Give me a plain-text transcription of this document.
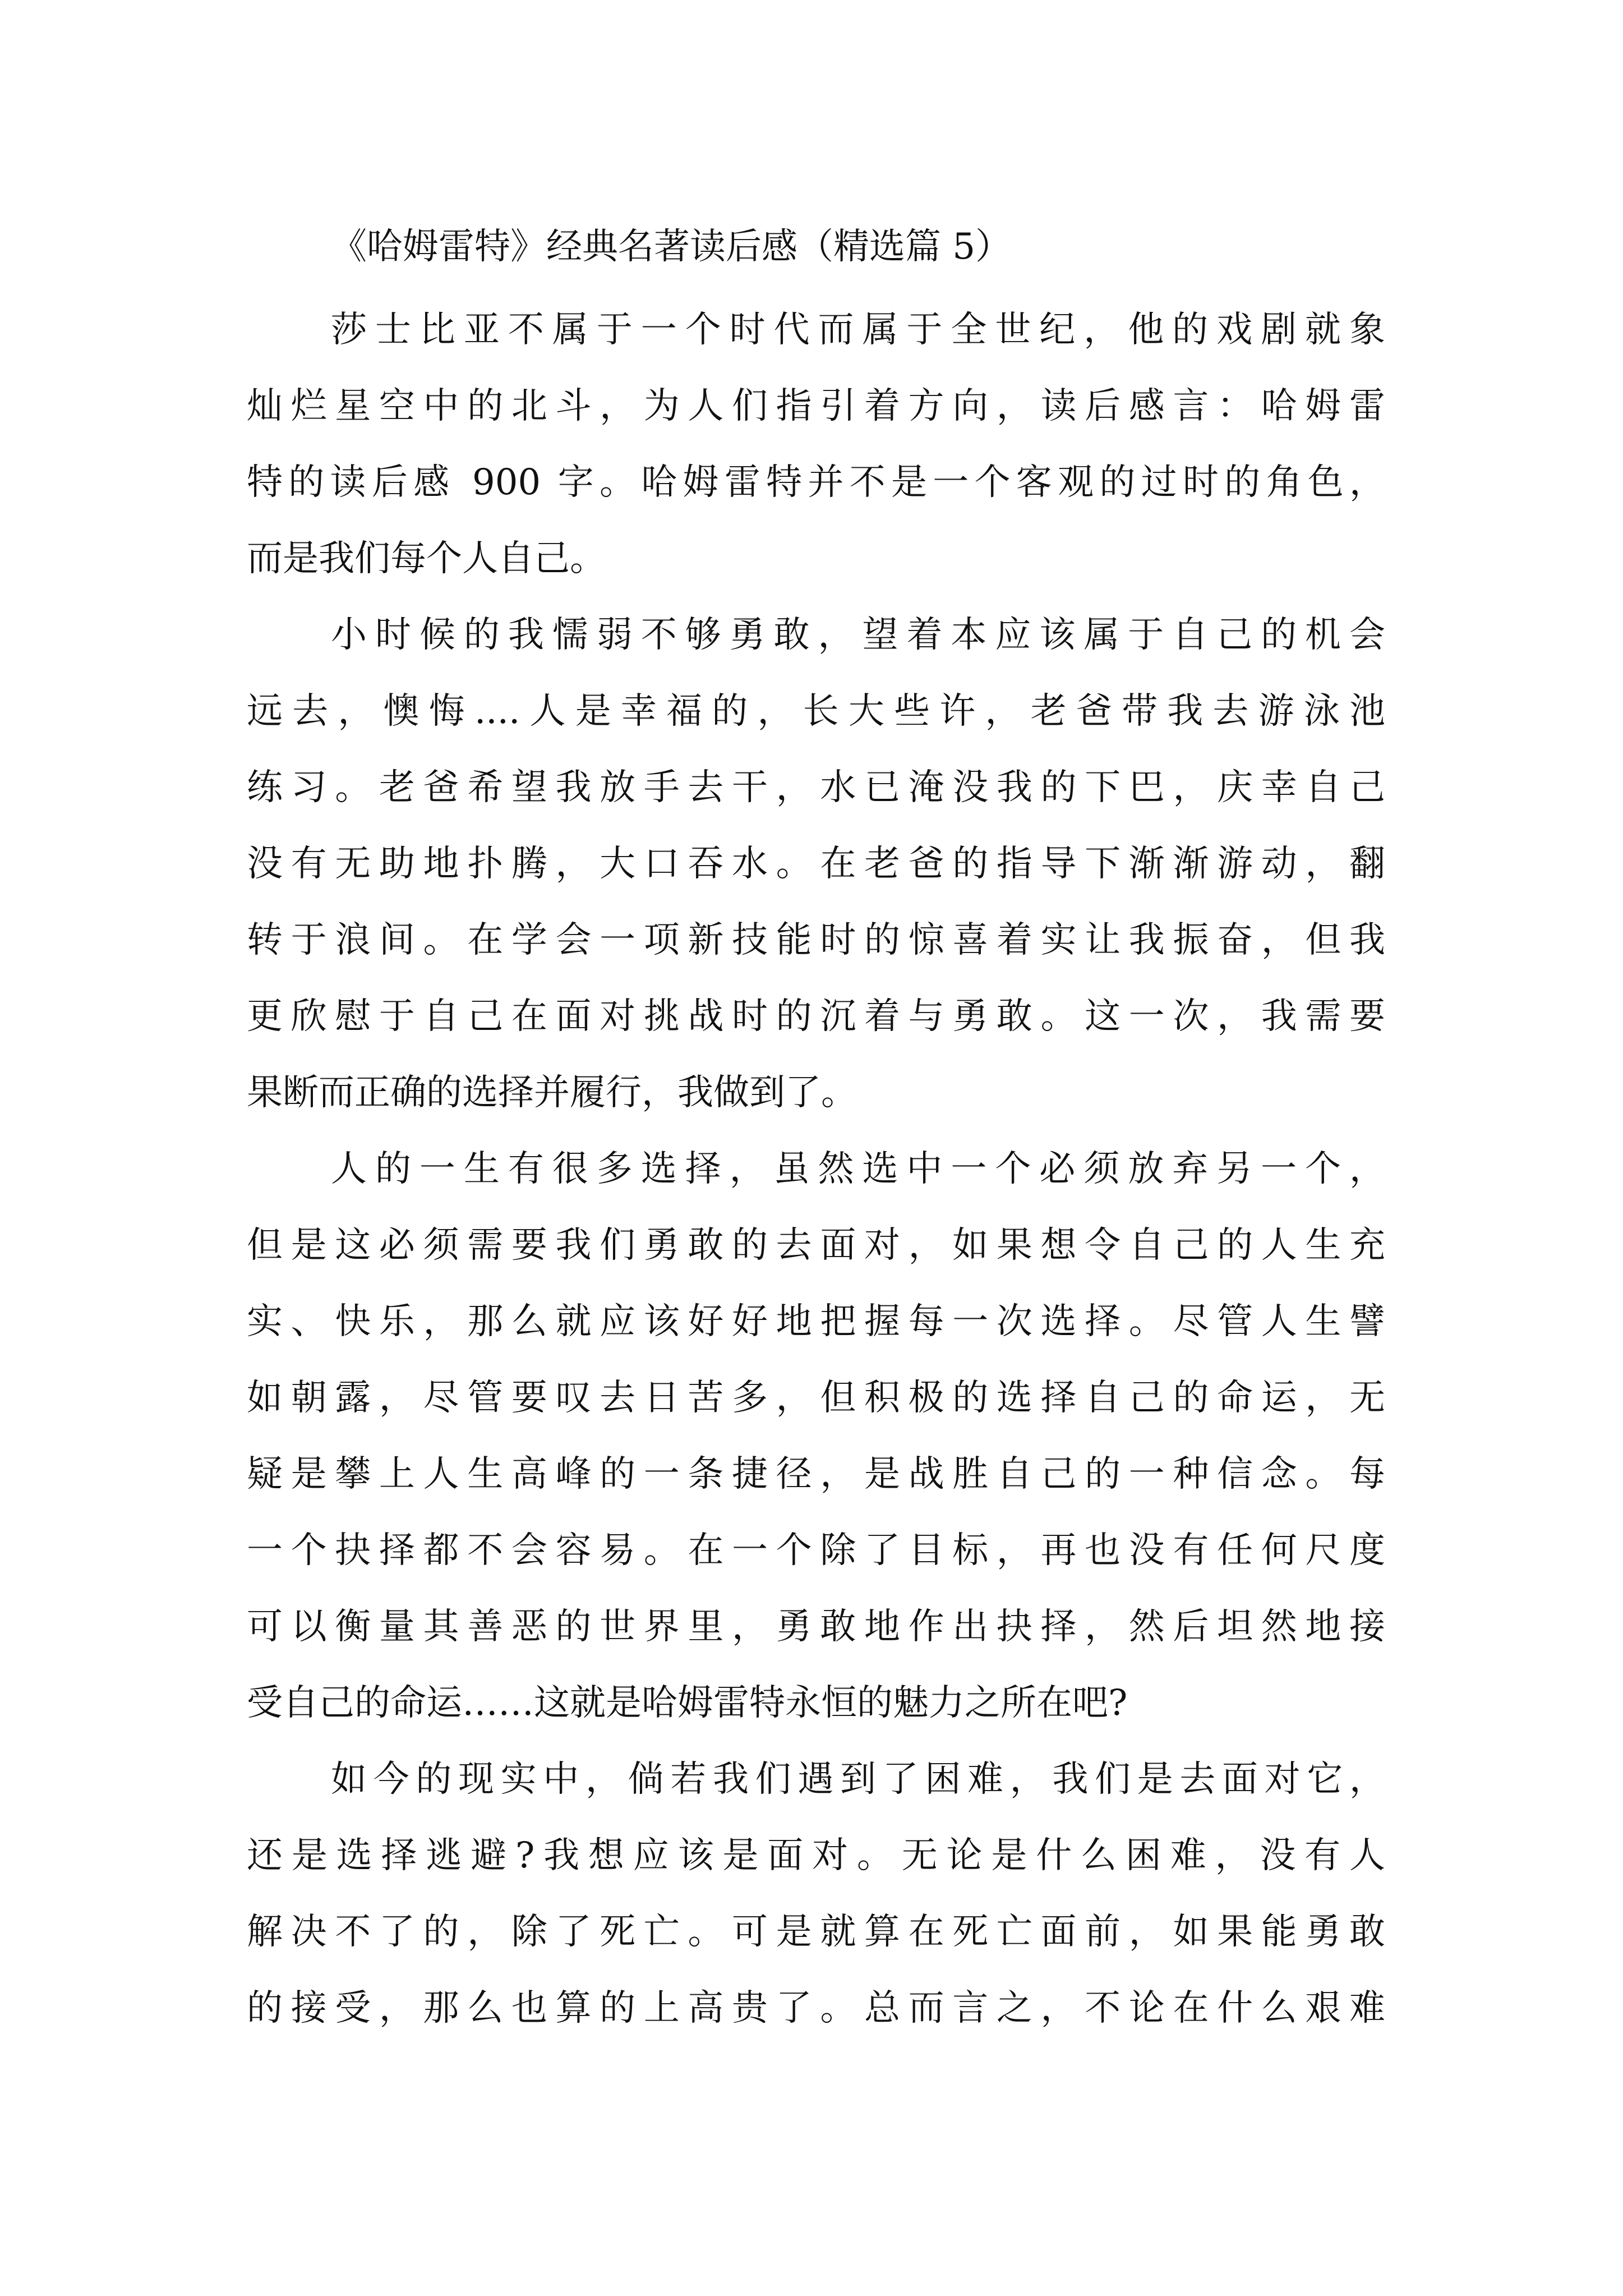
《哈姆雷特》经典名著读后感（精选篇 5）

莎士比亚不属于一个时代而属于全世纪，他的戏剧就象
灿烂星空中的北斗，为人们指引着方向，读后感言：哈姆雷
特的读后感 900 字。哈姆雷特并不是一个客观的过时的角色，
而是我们每个人自己。

小时候的我懦弱不够勇敢，望着本应该属于自己的机会
远去，懊悔....人是幸福的，长大些许，老爸带我去游泳池
练习。老爸希望我放手去干，水已淹没我的下巴，庆幸自己
没有无助地扑腾，大口吞水。在老爸的指导下渐渐游动，翻
转于浪间。在学会一项新技能时的惊喜着实让我振奋，但我
更欣慰于自己在面对挑战时的沉着与勇敢。这一次，我需要
果断而正确的选择并履行，我做到了。

人的一生有很多选择，虽然选中一个必须放弃另一个，
但是这必须需要我们勇敢的去面对，如果想令自己的人生充
实、快乐，那么就应该好好地把握每一次选择。尽管人生譬
如朝露，尽管要叹去日苦多，但积极的选择自己的命运，无
疑是攀上人生高峰的一条捷径，是战胜自己的一种信念。每
一个抉择都不会容易。在一个除了目标，再也没有任何尺度
可以衡量其善恶的世界里，勇敢地作出抉择，然后坦然地接
受自己的命运……这就是哈姆雷特永恒的魅力之所在吧?

如今的现实中，倘若我们遇到了困难，我们是去面对它，
还是选择逃避?我想应该是面对。无论是什么困难，没有人
解决不了的，除了死亡。可是就算在死亡面前，如果能勇敢
的接受，那么也算的上高贵了。总而言之，不论在什么艰难
